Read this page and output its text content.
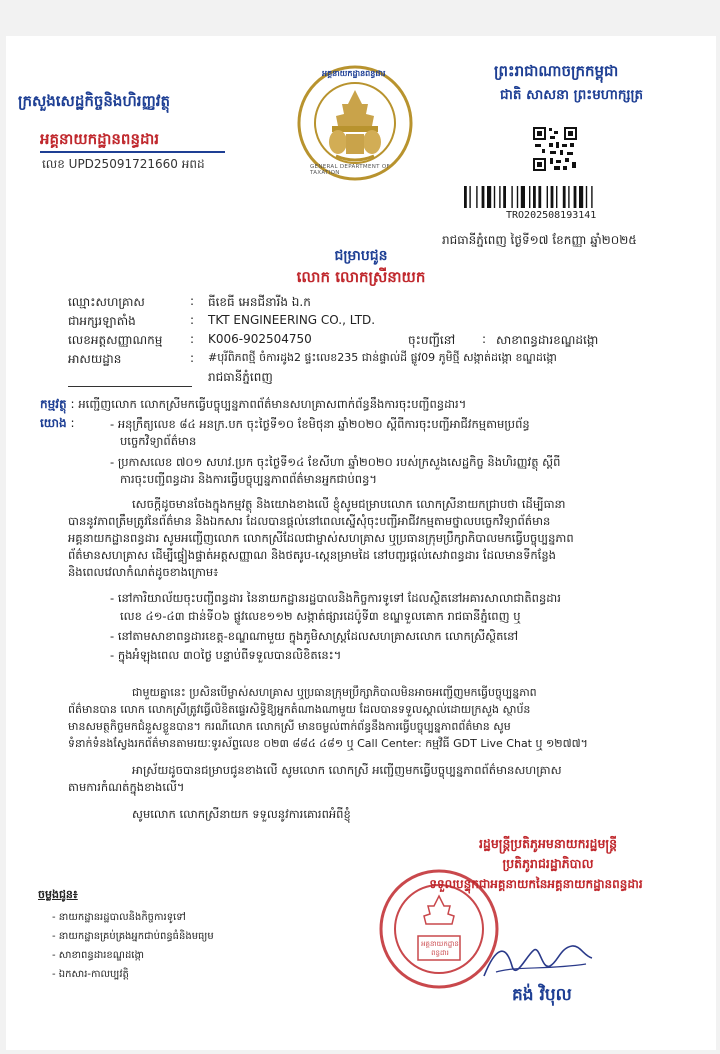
ក្រសួងសេដ្ឋកិច្ចនិងហិរញ្ញវត្ថុ
អគ្គនាយកដ្ឋានពន្ធដារ
លេខ UPD25091721660 អពដ
អគ្គនាយកដ្ឋានពន្ធដារ
GENERAL DEPARTMENT OF TAXATION
ព្រះរាជាណាចក្រកម្ពុជា
ជាតិ សាសនា ព្រះមហាក្សត្រ
TRO202508193141
រាជធានីភ្នំពេញ ថ្ងៃទី១៧ ខែកញ្ញា ឆ្នាំ២០២៥
ជម្រាបជូន
លោក លោកស្រីនាយក
ឈ្មោះសហគ្រាស	: ធីខេធី អេនជីនារីង ឯ.ក
ជាអក្សរឡាតាំង	: TKT ENGINEERING CO., LTD.
លេខអត្តសញ្ញាណកម្ម	: K006-902504750	ចុះបញ្ជីនៅ : សាខាពន្ធដារខណ្ឌដង្កោ
អាសយដ្ឋាន	: #បុរីពិភពថ្មី ចំការដូង2 ផ្ទះលេខ235 ជាន់ផ្ទាល់ដី ផ្លូវ09 ភូមិថ្មី សង្កាត់ដង្កោ ខណ្ឌដង្កោ
រាជធានីភ្នំពេញ
កម្មវត្ថុ : អញ្ជើញលោក លោកស្រីមកធ្វើបច្ចុប្បន្នភាពព័ត៌មានសហគ្រាសពាក់ព័ន្ធនឹងការចុះបញ្ជីពន្ធដារ។
យោង :	- អនុក្រឹត្យលេខ ៨៤ អនក្រ.បក ចុះថ្ងៃទី១០ ខែមិថុនា ឆ្នាំ២០២០ ស្ដីពីការចុះបញ្ជីអាជីវកម្មតាមប្រព័ន្ធ
បច្ចេកវិទ្យាព័ត៌មាន
- ប្រកាសលេខ ៧០១ សហវ.ប្រក ចុះថ្ងៃទី១៤ ខែសីហា ឆ្នាំ២០២០ របស់ក្រសួងសេដ្ឋកិច្ច និងហិរញ្ញវត្ថុ ស្ដីពី
ការចុះបញ្ជីពន្ធដារ និងការធ្វើបច្ចុប្បន្នភាពព័ត៌មានអ្នកជាប់ពន្ធ។
សេចក្តីដូចមានចែងក្នុងកម្មវត្ថុ និងយោងខាងលើ ខ្ញុំសូមជម្រាបលោក លោកស្រីនាយកជ្រាបថា ដើម្បីធានា
បាននូវភាពត្រឹមត្រូវនៃព័ត៌មាន និងឯកសារ ដែលបានផ្ដល់នៅពេលស្នើសុំចុះបញ្ជីអាជីវកម្មតាមថ្នាលបច្ចេកវិទ្យាព័ត៌មាន
អគ្គនាយកដ្ឋានពន្ធដារ សូមអញ្ជើញលោក លោកស្រីដែលជាម្ចាស់សហគ្រាស ឬប្រធានក្រុមប្រឹក្សាភិបាលមកធ្វើបច្ចុប្បន្នភាព
ព័ត៌មានសហគ្រាស ដើម្បីផ្ទៀងផ្ទាត់អត្តសញ្ញាណ និងថតរូប-ស្កេនម្រាមដៃ នៅបញ្ជរផ្ដល់សេវាពន្ធដារ ដែលមានទីកន្លែង
និងពេលវេលាកំណត់ដូចខាងក្រោម៖
- នៅការិយាល័យចុះបញ្ជីពន្ធដារ នៃនាយកដ្ឋានរដ្ឋបាលនិងកិច្ចការទូទៅ ដែលស្ថិតនៅអគារសាលាជាតិពន្ធដារ
លេខ ៤១-៤៣ ជាន់ទី០៦ ផ្លូវលេខ១១២ សង្កាត់ផ្សារដេប៉ូទី៣ ខណ្ឌទួលគោក រាជធានីភ្នំពេញ ឬ
- នៅតាមសាខាពន្ធដារខេត្ត-ខណ្ឌណាមួយ ក្នុងភូមិសាស្ត្រដែលសហគ្រាសលោក លោកស្រីស្ថិតនៅ
- ក្នុងអំឡុងពេល ៣០ថ្ងៃ បន្ទាប់ពីទទួលបានលិខិតនេះ។
ជាមួយគ្នានេះ ប្រសិនបើម្ចាស់សហគ្រាស ឬប្រធានក្រុមប្រឹក្សាភិបាលមិនអាចអញ្ជើញមកធ្វើបច្ចុប្បន្នភាព
ព័ត៌មានបាន លោក លោកស្រីត្រូវធ្វើលិខិតផ្ទេរសិទ្ធិឱ្យអ្នកតំណាងណាមួយ ដែលបានទទួលស្គាល់ដោយក្រសួង ស្ថាប័ន
មានសមត្ថកិច្ចមកជំនួសខ្លួនបាន។ ករណីលោក លោកស្រី មានចម្ងល់ពាក់ព័ន្ធនឹងការធ្វើបច្ចុប្បន្នភាពព័ត៌មាន សូម
ទំនាក់ទំនងស្វែងរកព័ត៌មានតាមរយៈទូរស័ព្ទលេខ ០២៣ ៨៨៤ ៤៨១ ឬ Call Center: កម្មវិធី GDT Live Chat ឬ ១២៧៧។
អាស្រ័យដូចបានជម្រាបជូនខាងលើ សូមលោក លោកស្រី អញ្ជើញមកធ្វើបច្ចុប្បន្នភាពព័ត៌មានសហគ្រាស
តាមការកំណត់ក្នុងខាងលើ។
សូមលោក លោកស្រីនាយក ទទួលនូវការគោរពអំពីខ្ញុំ
រដ្ឋមន្ត្រីប្រតិភូអមនាយករដ្ឋមន្ត្រី
ប្រតិភូរាជរដ្ឋាភិបាល
ទទួលបន្ទុកជាអគ្គនាយកនៃអគ្គនាយកដ្ឋានពន្ធដារ
អគ្គនាយកដ្ឋានពន្ធដារ
គង់ វិបុល
ចម្លងជូន៖
- នាយកដ្ឋានរដ្ឋបាលនិងកិច្ចការទូទៅ
- នាយកដ្ឋានគ្រប់គ្រងអ្នកជាប់ពន្ធធំនិងមធ្យម
- សាខាពន្ធដារខណ្ឌដង្កោ
- ឯកសារ-កាលប្បវត្តិ
